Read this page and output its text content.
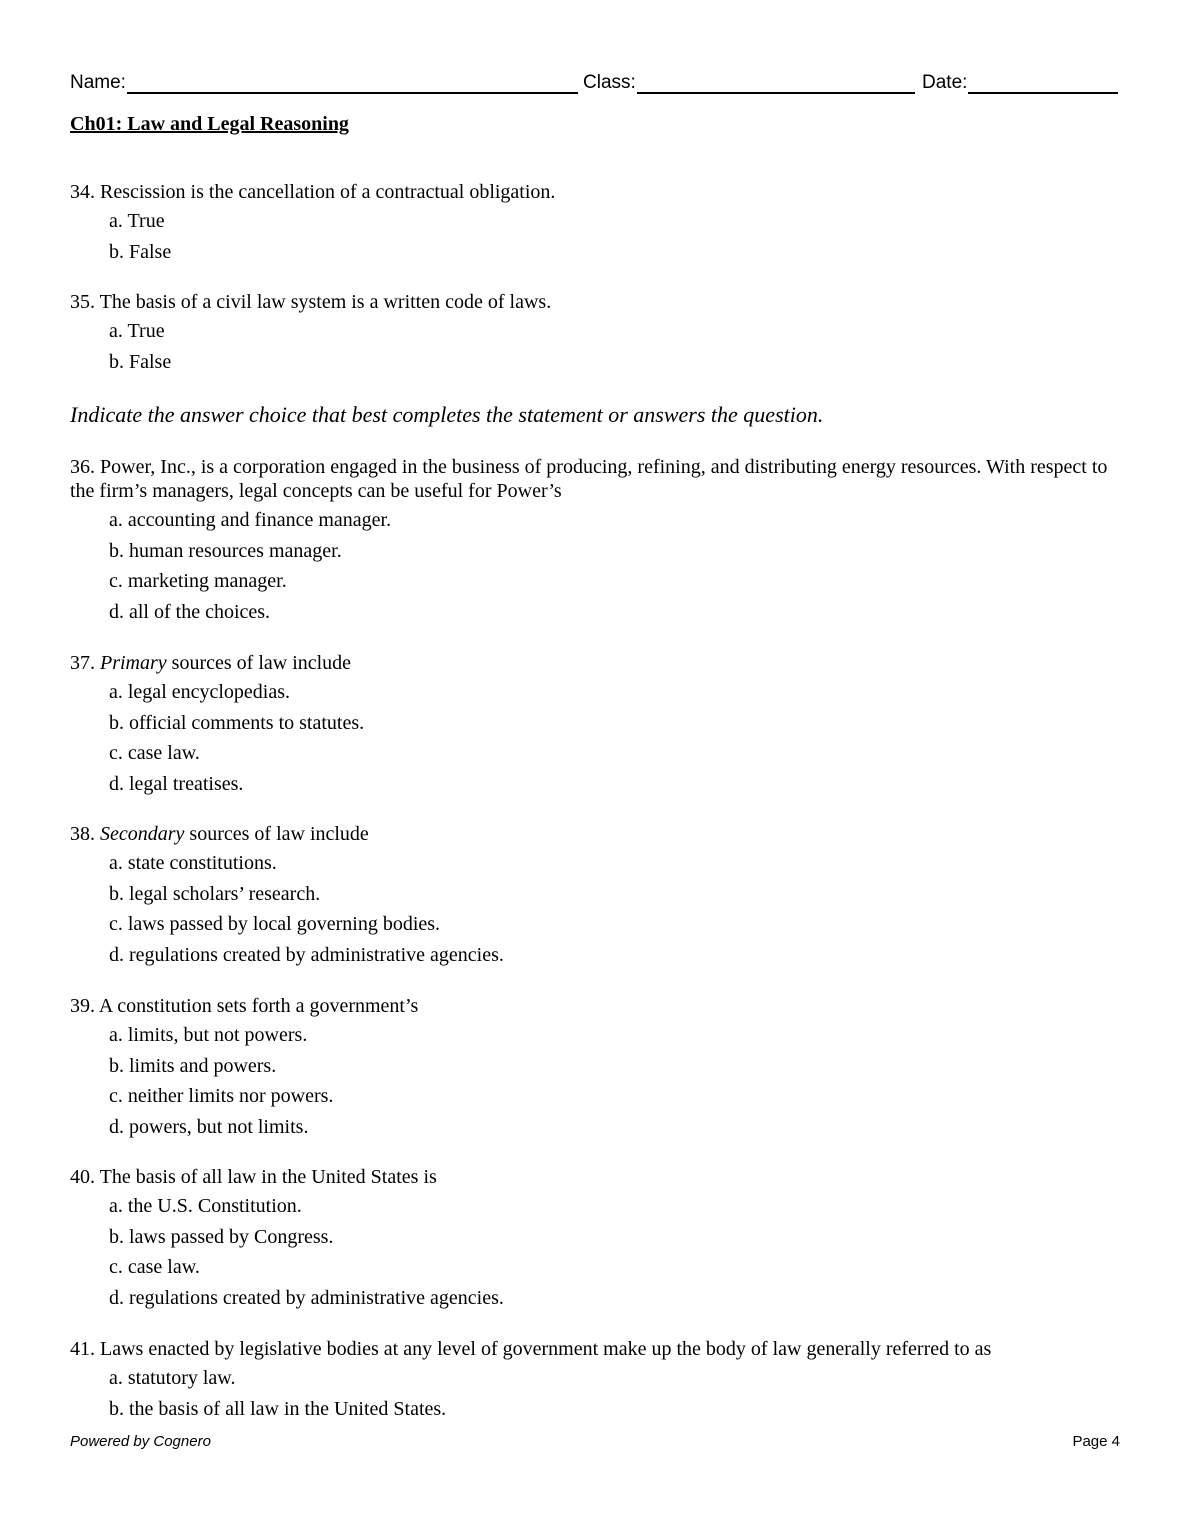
Name:	Class:	Date:
Ch01: Law and Legal Reasoning
34. Rescission is the cancellation of a contractual obligation.
a. True
b. False
35. The basis of a civil law system is a written code of laws.
a. True
b. False
Indicate the answer choice that best completes the statement or answers the question.
36. Power, Inc., is a corporation engaged in the business of producing, refining, and distributing energy resources. With respect to the firm’s managers, legal concepts can be useful for Power’s
a. accounting and finance manager.
b. human resources manager.
c. marketing manager.
d. all of the choices.
37. Primary sources of law include
a. legal encyclopedias.
b. official comments to statutes.
c. case law.
d. legal treatises.
38. Secondary sources of law include
a. state constitutions.
b. legal scholars’ research.
c. laws passed by local governing bodies.
d. regulations created by administrative agencies.
39. A constitution sets forth a government’s
a. limits, but not powers.
b. limits and powers.
c. neither limits nor powers.
d. powers, but not limits.
40. The basis of all law in the United States is
a. the U.S. Constitution.
b. laws passed by Congress.
c. case law.
d. regulations created by administrative agencies.
41. Laws enacted by legislative bodies at any level of government make up the body of law generally referred to as
a. statutory law.
b. the basis of all law in the United States.
Powered by Cognero	Page 4
